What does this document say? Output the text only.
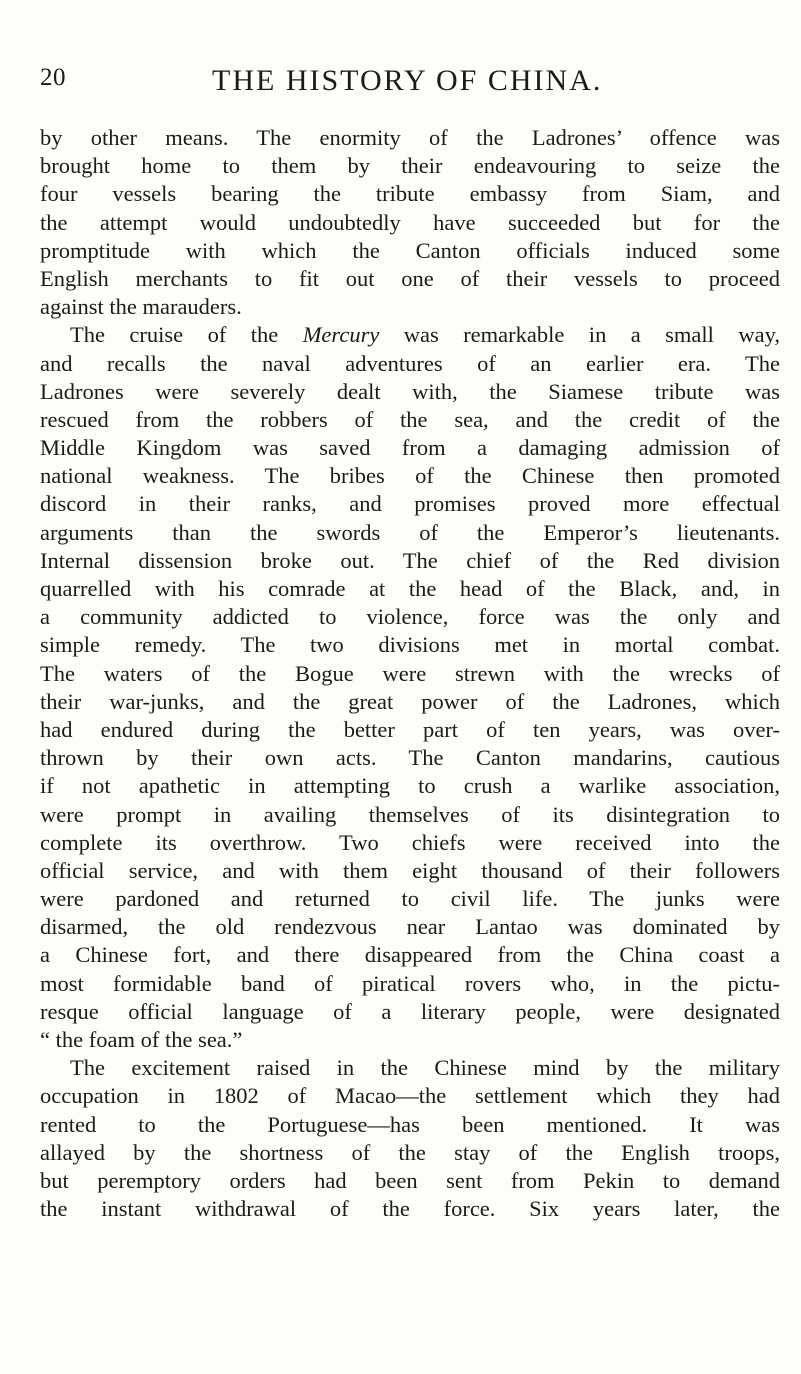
20	THE HISTORY OF CHINA.
by other means. The enormity of the Ladrones’ offence was
brought home to them by their endeavouring to seize the
four vessels bearing the tribute embassy from Siam, and
the attempt would undoubtedly have succeeded but for the
promptitude with which the Canton officials induced some
English merchants to fit out one of their vessels to proceed
against the marauders.
The cruise of the Mercury was remarkable in a small way,
and recalls the naval adventures of an earlier era. The
Ladrones were severely dealt with, the Siamese tribute was
rescued from the robbers of the sea, and the credit of the
Middle Kingdom was saved from a damaging admission of
national weakness. The bribes of the Chinese then promoted
discord in their ranks, and promises proved more effectual
arguments than the swords of the Emperor’s lieutenants.
Internal dissension broke out. The chief of the Red division
quarrelled with his comrade at the head of the Black, and, in
a community addicted to violence, force was the only and
simple remedy. The two divisions met in mortal combat.
The waters of the Bogue were strewn with the wrecks of
their war-junks, and the great power of the Ladrones, which
had endured during the better part of ten years, was over-
thrown by their own acts. The Canton mandarins, cautious
if not apathetic in attempting to crush a warlike association,
were prompt in availing themselves of its disintegration to
complete its overthrow. Two chiefs were received into the
official service, and with them eight thousand of their followers
were pardoned and returned to civil life. The junks were
disarmed, the old rendezvous near Lantao was dominated by
a Chinese fort, and there disappeared from the China coast a
most formidable band of piratical rovers who, in the pictu-
resque official language of a literary people, were designated
“ the foam of the sea.”
The excitement raised in the Chinese mind by the military
occupation in 1802 of Macao—the settlement which they had
rented to the Portuguese—has been mentioned. It was
allayed by the shortness of the stay of the English troops,
but peremptory orders had been sent from Pekin to demand
the instant withdrawal of the force. Six years later, the
